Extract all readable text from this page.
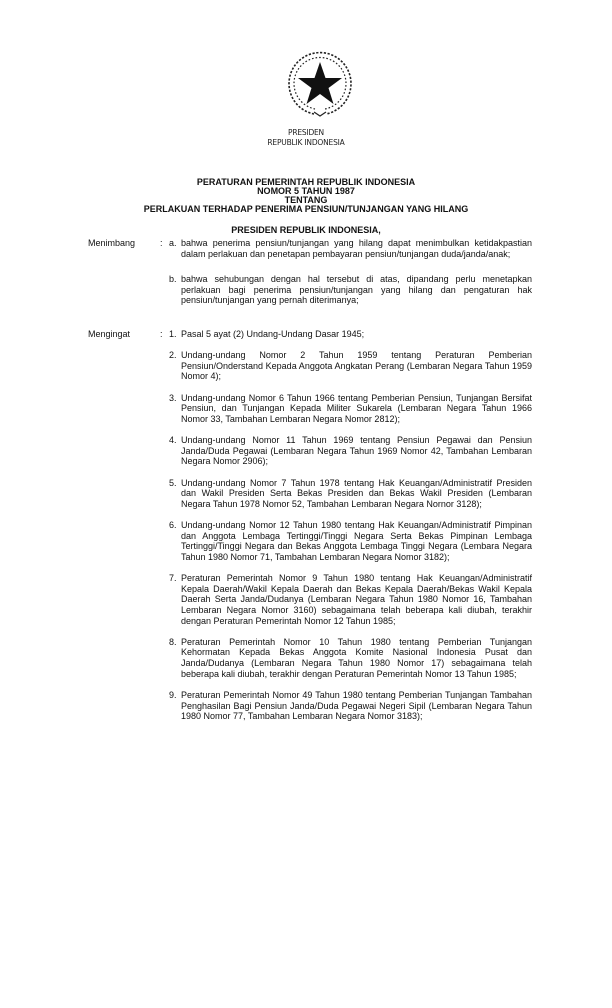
PRESIDEN
REPUBLIK INDONESIA
PERATURAN PEMERINTAH REPUBLIK INDONESIA
NOMOR 5 TAHUN 1987
TENTANG
PERLAKUAN TERHADAP PENERIMA PENSIUN/TUNJANGAN YANG HILANG
PRESIDEN REPUBLIK INDONESIA,
Menimbang	: a. bahwa penerima pensiun/tunjangan yang hilang dapat menimbulkan ketidakpastian dalam perlakuan dan penetapan pembayaran pensiun/tunjangan duda/janda/anak;
b. bahwa sehubungan dengan hal tersebut di atas, dipandang perlu menetapkan perlakuan bagi penerima pensiun/tunjangan yang hilang dan pengaturan hak pensiun/tunjangan yang pernah diterimanya;
Mengingat	: 1. Pasal 5 ayat (2) Undang-Undang Dasar 1945;
2. Undang-undang Nomor 2 Tahun 1959 tentang Peraturan Pemberian Pensiun/Onderstand Kepada Anggota Angkatan Perang (Lembaran Negara Tahun 1959 Nomor 4);
3. Undang-undang Nomor 6 Tahun 1966 tentang Pemberian Pensiun, Tunjangan Bersifat Pensiun, dan Tunjangan Kepada Militer Sukarela (Lembaran Negara Tahun 1966 Nomor 33, Tambahan Lembaran Negara Nomor 2812);
4. Undang-undang Nomor 11 Tahun 1969 tentang Pensiun Pegawai dan Pensiun Janda/Duda Pegawai (Lembaran Negara Tahun 1969 Nomor 42, Tambahan Lembaran Negara Nomor 2906);
5. Undang-undang Nomor 7 Tahun 1978 tentang Hak Keuangan/Administratif Presiden dan Wakil Presiden Serta Bekas Presiden dan Bekas Wakil Presiden (Lembaran Negara Tahun 1978 Nomor 52, Tambahan Lembaran Negara Nornor 3128);
6. Undang-undang Nomor 12 Tahun 1980 tentang Hak Keuangan/Administratif Pimpinan dan Anggota Lembaga Tertinggi/Tinggi Negara Serta Bekas Pimpinan Lembaga Tertinggi/Tinggi Negara dan Bekas Anggota Lembaga Tinggi Negara (Lembara Negara Tahun 1980 Nomor 71, Tambahan Lembaran Negara Nomor 3182);
7. Peraturan Pemerintah Nomor 9 Tahun 1980 tentang Hak Keuangan/Administratif Kepala Daerah/Wakil Kepala Daerah dan Bekas Kepala Daerah/Bekas Wakil Kepala Daerah Serta Janda/Dudanya (Lembaran Negara Tahun 1980 Nomor 16, Tambahan Lembaran Negara Nomor 3160) sebagaimana telah beberapa kali diubah, terakhir dengan Peraturan Pemerintah Nomor 12 Tahun 1985;
8. Peraturan Pemerintah Nomor 10 Tahun 1980 tentang Pemberian Tunjangan Kehormatan Kepada Bekas Anggota Komite Nasional Indonesia Pusat dan Janda/Dudanya (Lembaran Negara Tahun 1980 Nomor 17) sebagaimana telah beberapa kali diubah, terakhir dengan Peraturan Pemerintah Nomor 13 Tahun 1985;
9. Peraturan Pemerintah Nomor 49 Tahun 1980 tentang Pemberian Tunjangan Tambahan Penghasilan Bagi Pensiun Janda/Duda Pegawai Negeri Sipil (Lembaran Negara Tahun 1980 Nomor 77, Tambahan Lembaran Negara Nomor 3183);
